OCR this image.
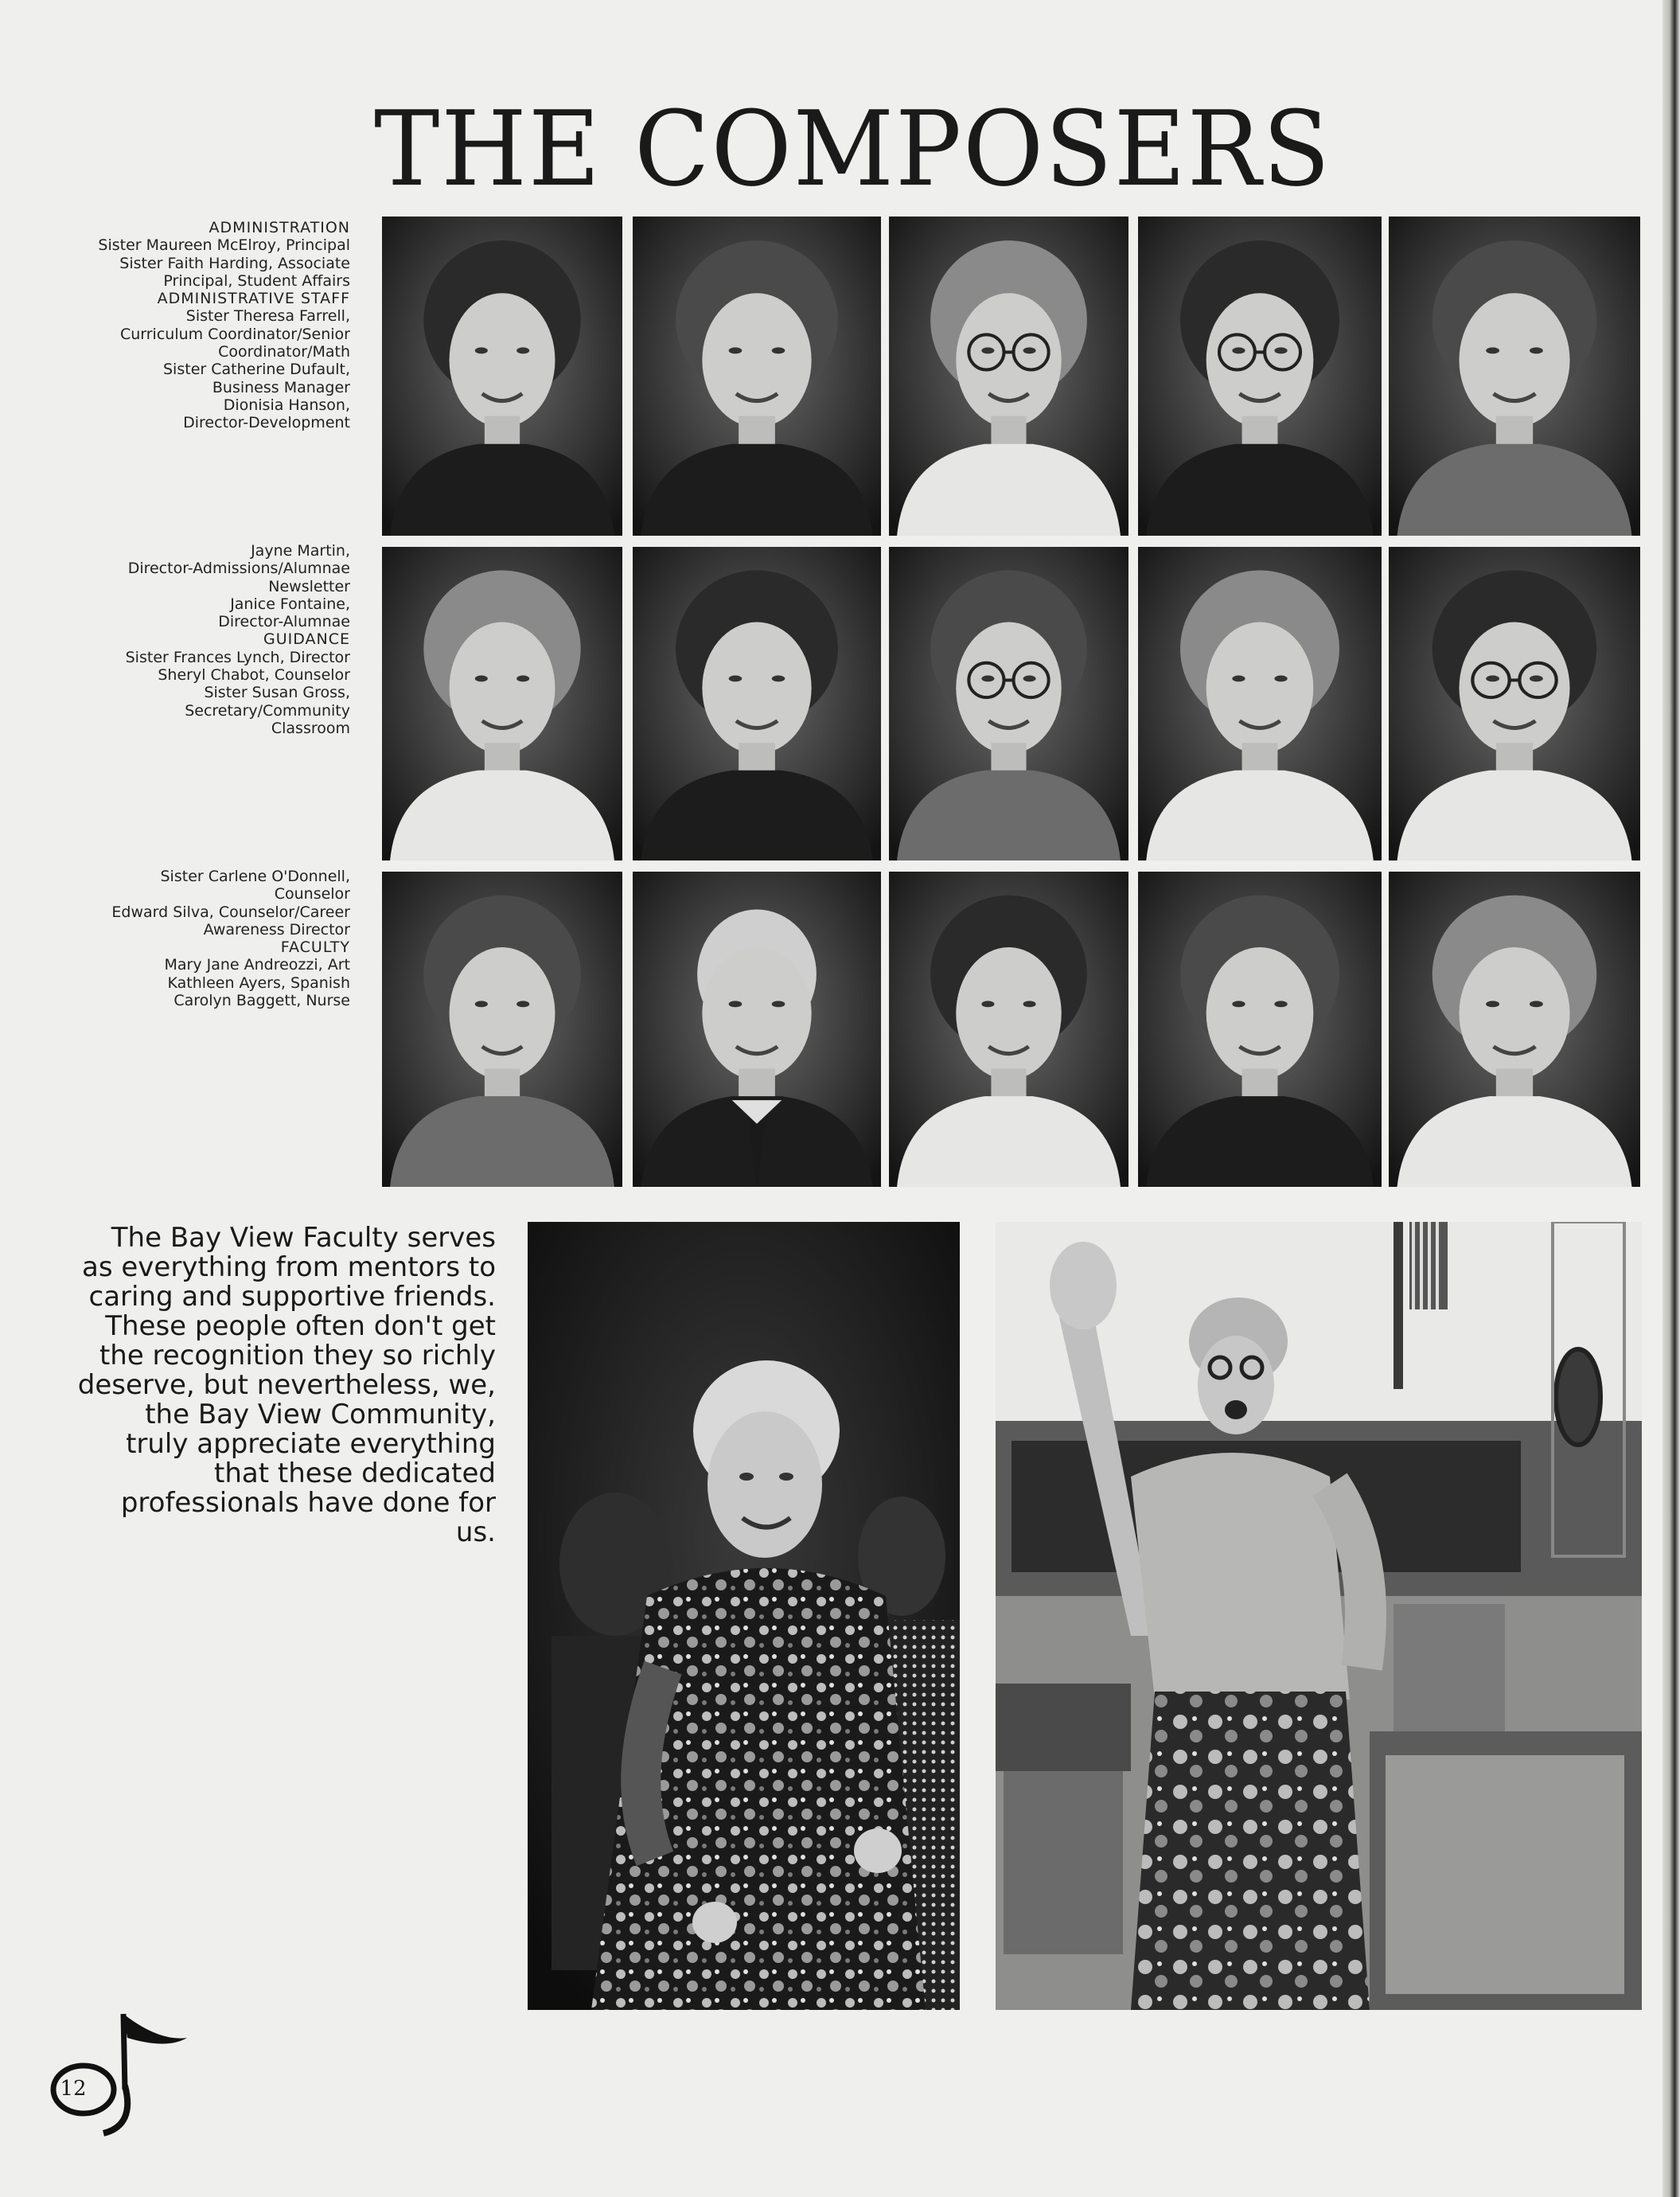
THE COMPOSERS
ADMINISTRATION
Sister Maureen McElroy, Principal
Sister Faith Harding, Associate
Principal, Student Affairs
ADMINISTRATIVE STAFF
Sister Theresa Farrell,
Curriculum Coordinator/Senior
Coordinator/Math
Sister Catherine Dufault,
Business Manager
Dionisia Hanson,
Director-Development
Jayne Martin,
Director-Admissions/Alumnae
Newsletter
Janice Fontaine,
Director-Alumnae
GUIDANCE
Sister Frances Lynch, Director
Sheryl Chabot, Counselor
Sister Susan Gross,
Secretary/Community
Classroom
Sister Carlene O'Donnell,
Counselor
Edward Silva, Counselor/Career
Awareness Director
FACULTY
Mary Jane Andreozzi, Art
Kathleen Ayers, Spanish
Carolyn Baggett, Nurse
The Bay View Faculty serves
as everything from mentors to
caring and supportive friends.
These people often don't get
the recognition they so richly
deserve, but nevertheless, we,
the Bay View Community,
truly appreciate everything
that these dedicated
professionals have done for
us.
12
